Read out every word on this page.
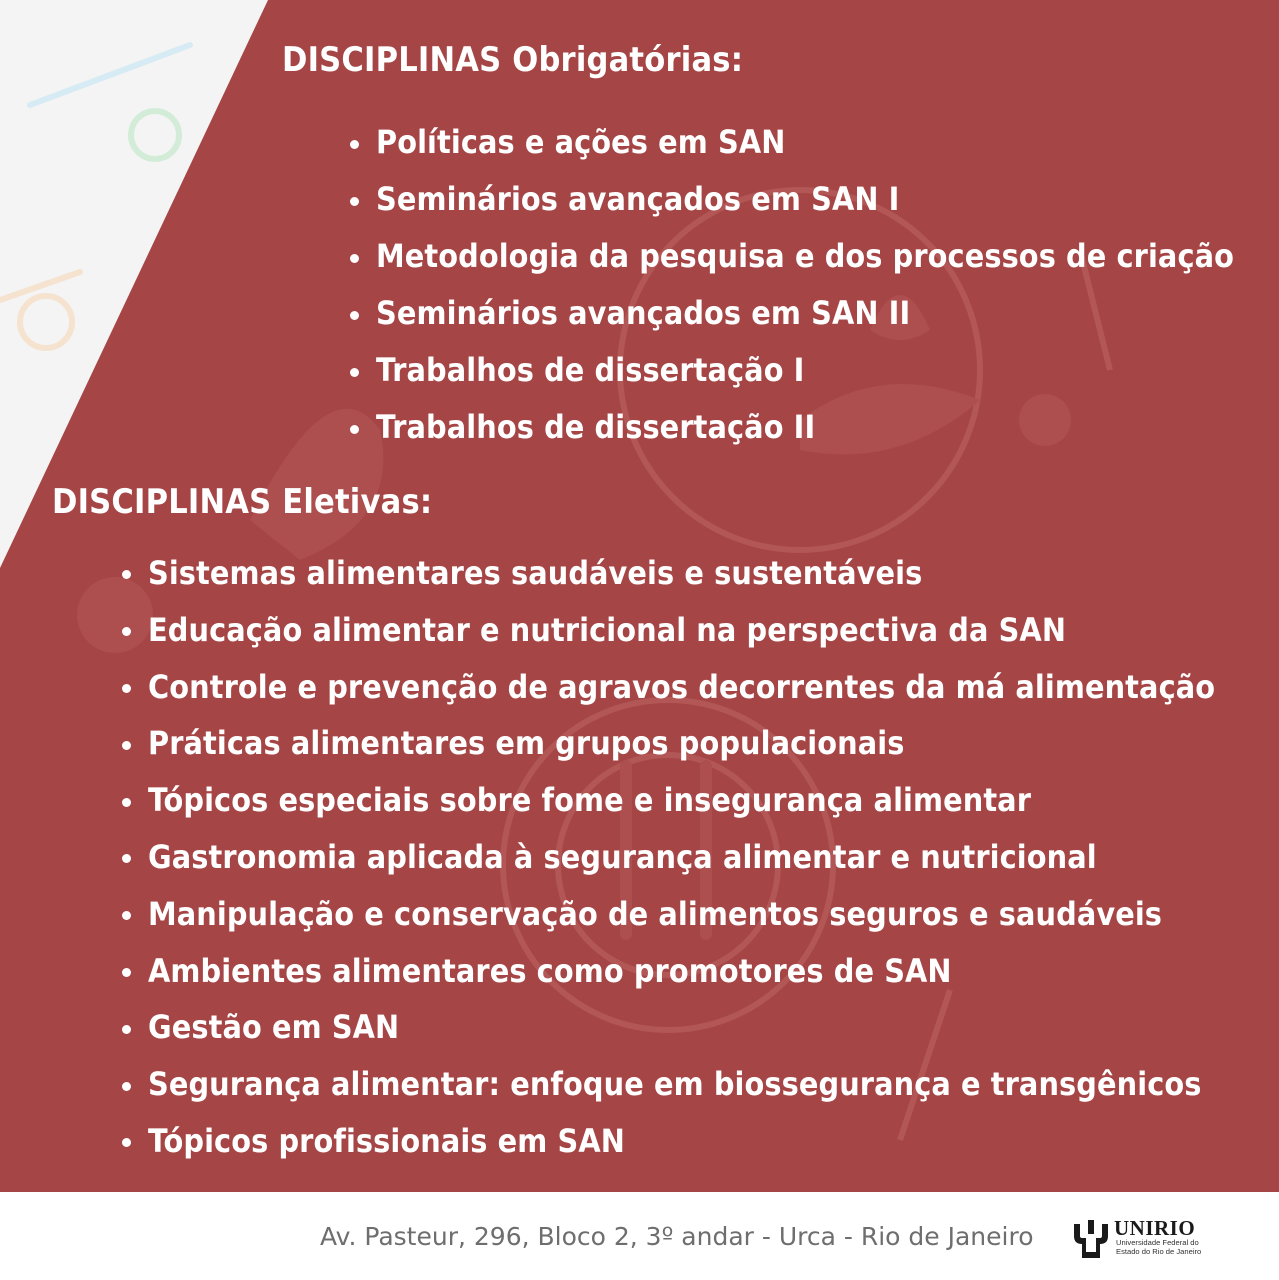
DISCIPLINAS Obrigatórias:
Políticas e ações em SAN
Seminários avançados em SAN I
Metodologia da pesquisa e dos processos de criação
Seminários avançados em SAN II
Trabalhos de dissertação I
Trabalhos de dissertação II
DISCIPLINAS Eletivas:
Sistemas alimentares saudáveis e sustentáveis
Educação alimentar e nutricional na perspectiva da SAN
Controle e prevenção de agravos decorrentes da má alimentação
Práticas alimentares em grupos populacionais
Tópicos especiais sobre fome e insegurança alimentar
Gastronomia aplicada à segurança alimentar e nutricional
Manipulação e conservação de alimentos seguros e saudáveis
Ambientes alimentares como promotores de SAN
Gestão em SAN
Segurança alimentar: enfoque em biossegurança e transgênicos
Tópicos profissionais em SAN
Av. Pasteur, 296, Bloco 2, 3º andar - Urca - Rio de Janeiro	UNIRIO
Universidade Federal do
Estado do Rio de Janeiro
